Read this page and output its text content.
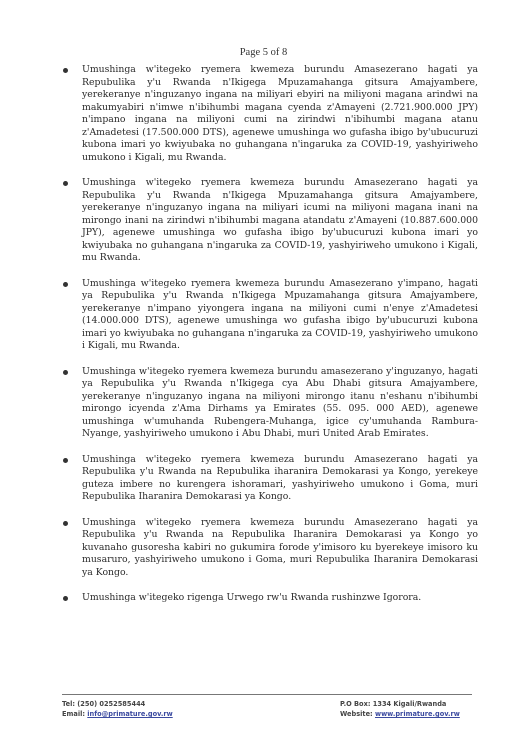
Page 5 of 8
Umushinga w'itegeko ryemera kwemeza burundu Amasezerano hagati ya Repubulika y'u Rwanda n'Ikigega Mpuzamahanga gitsura Amajyambere, yerekeranye n'inguzanyo ingana na miliyari ebyiri na miliyoni magana arindwi na makumyabiri n'imwe n'ibihumbi magana cyenda z'Amayeni (2.721.900.000 JPY) n'impano ingana na miliyoni cumi na zirindwi n'ibihumbi magana atanu z'Amadetesi (17.500.000 DTS), agenewe umushinga wo gufasha ibigo by'ubucuruzi kubona imari yo kwiyubaka no guhangana n'ingaruka za COVID-19, yashyiriweho umukono i Kigali, mu Rwanda.
Umushinga w'itegeko ryemera kwemeza burundu Amasezerano hagati ya Repubulika y'u Rwanda n'Ikigega Mpuzamahanga gitsura Amajyambere, yerekeranye n'inguzanyo ingana na miliyari icumi na miliyoni magana inani na mirongo inani na zirindwi n'ibihumbi magana atandatu z'Amayeni (10.887.600.000 JPY), agenewe umushinga wo gufasha ibigo by'ubucuruzi kubona imari yo kwiyubaka no guhangana n'ingaruka za COVID-19, yashyiriweho umukono i Kigali, mu Rwanda.
Umushinga w'itegeko ryemera kwemeza burundu Amasezerano y'impano, hagati ya Repubulika y'u Rwanda n'Ikigega Mpuzamahanga gitsura Amajyambere, yerekeranye n'impano yiyongera ingana na miliyoni cumi n'enye z'Amadetesi (14.000.000 DTS), agenewe umushinga wo gufasha ibigo by'ubucuruzi kubona imari yo kwiyubaka no guhangana n'ingaruka za COVID-19, yashyiriweho umukono i Kigali, mu Rwanda.
Umushinga w'itegeko ryemera kwemeza burundu amasezerano y'inguzanyo, hagati ya Repubulika y'u Rwanda n'Ikigega cya Abu Dhabi gitsura Amajyambere, yerekeranye n'inguzanyo ingana na miliyoni mirongo itanu n'eshanu n'ibihumbi mirongo icyenda z'Ama Dirhams ya Emirates (55. 095. 000 AED), agenewe umushinga w'umuhanda Rubengera-Muhanga, igice cy'umuhanda Rambura-Nyange, yashyiriweho umukono i Abu Dhabi, muri United Arab Emirates.
Umushinga w'itegeko ryemera kwemeza burundu Amasezerano hagati ya Repubulika y'u Rwanda na Repubulika iharanira Demokarasi ya Kongo, yerekeye guteza imbere no kurengera ishoramari, yashyiriweho umukono i Goma, muri Repubulika Iharanira Demokarasi ya Kongo.
Umushinga w'itegeko ryemera kwemeza burundu Amasezerano hagati ya Repubulika y'u Rwanda na Repubulika Iharanira Demokarasi ya Kongo yo kuvanaho gusoresha kabiri no gukumira forode y'imisoro ku byerekeye imisoro ku musaruro, yashyiriweho umukono i Goma, muri Repubulika Iharanira Demokarasi ya Kongo.
Umushinga w'itegeko rigenga Urwego rw'u Rwanda rushinzwe Igorora.
Tel: (250) 0252585444
Email: info@primature.gov.rw
P.O Box: 1334 Kigali/Rwanda
Website: www.primature.gov.rw
